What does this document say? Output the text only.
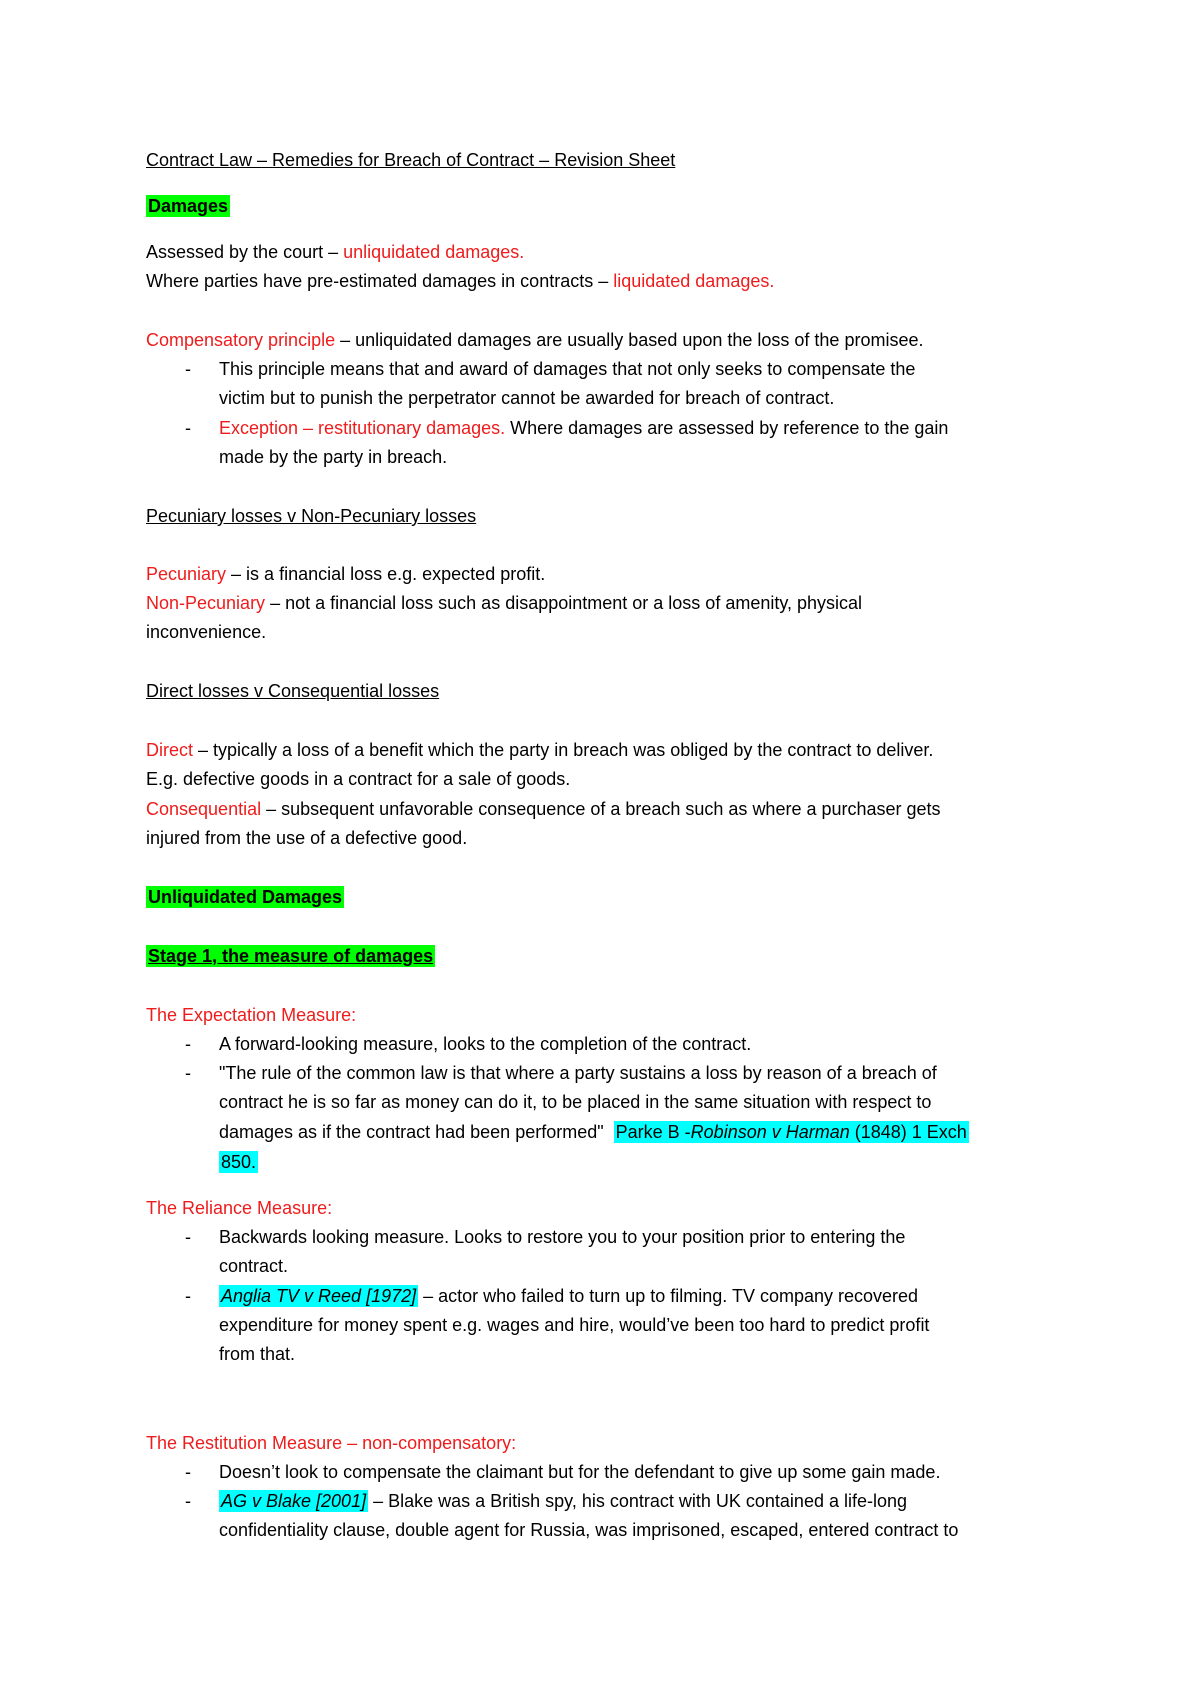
Contract Law – Remedies for Breach of Contract – Revision Sheet
Damages
Assessed by the court – unliquidated damages.
Where parties have pre-estimated damages in contracts – liquidated damages.
Compensatory principle – unliquidated damages are usually based upon the loss of the promisee.
- This principle means that and award of damages that not only seeks to compensate the
victim but to punish the perpetrator cannot be awarded for breach of contract.
- Exception – restitutionary damages. Where damages are assessed by reference to the gain
made by the party in breach.
Pecuniary losses v Non-Pecuniary losses
Pecuniary – is a financial loss e.g. expected profit.
Non-Pecuniary – not a financial loss such as disappointment or a loss of amenity, physical
inconvenience.
Direct losses v Consequential losses
Direct – typically a loss of a benefit which the party in breach was obliged by the contract to deliver.
E.g. defective goods in a contract for a sale of goods.
Consequential – subsequent unfavorable consequence of a breach such as where a purchaser gets
injured from the use of a defective good.
Unliquidated Damages
Stage 1, the measure of damages
The Expectation Measure:
- A forward-looking measure, looks to the completion of the contract.
- "The rule of the common law is that where a party sustains a loss by reason of a breach of
contract he is so far as money can do it, to be placed in the same situation with respect to
damages as if the contract had been performed" Parke B -Robinson v Harman (1848) 1 Exch
850.
The Reliance Measure:
- Backwards looking measure. Looks to restore you to your position prior to entering the
contract.
- Anglia TV v Reed [1972] – actor who failed to turn up to filming. TV company recovered
expenditure for money spent e.g. wages and hire, would’ve been too hard to predict profit
from that.
The Restitution Measure – non-compensatory:
- Doesn’t look to compensate the claimant but for the defendant to give up some gain made.
- AG v Blake [2001] – Blake was a British spy, his contract with UK contained a life-long
confidentiality clause, double agent for Russia, was imprisoned, escaped, entered contract to
